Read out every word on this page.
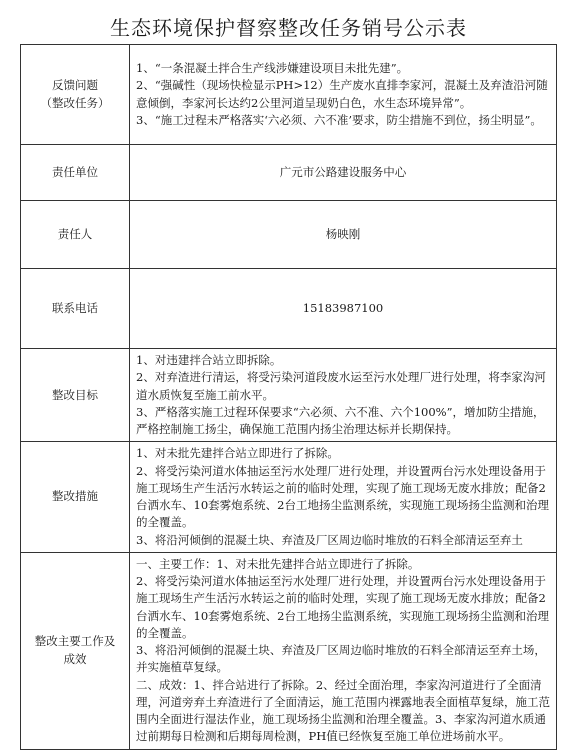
生态环境保护督察整改任务销号公示表
反馈问题
（整改任务）	1、“一条混凝土拌合生产线涉嫌建设项目未批先建”。
2、“强碱性（现场快检显示PH>12）生产废水直排李家河，混凝土及弃渣沿河随意倾倒，李家河长达约2公里河道呈现奶白色，水生态环境异常”。
3、“施工过程未严格落实‘六必须、六不准’要求，防尘措施不到位，扬尘明显”。

责任单位	广元市公路建设服务中心
责任人	杨映刚
联系电话	15183987100
整改目标	1、对违建拌合站立即拆除。
2、对弃渣进行清运，将受污染河道段废水运至污水处理厂进行处理，将李家沟河道水质恢复至施工前水平。
3、严格落实施工过程环保要求“六必须、六不准、六个100%”，增加防尘措施，严格控制施工扬尘，确保施工范围内扬尘治理达标并长期保持。

整改措施	1、对未批先建拌合站立即进行了拆除。
2、将受污染河道水体抽运至污水处理厂进行处理，并设置两台污水处理设备用于施工现场生产生活污水转运之前的临时处理，实现了施工现场无废水排放；配备2台洒水车、10套雾炮系统、2台工地扬尘监测系统，实现施工现场扬尘监测和治理的全覆盖。
3、将沿河倾倒的混凝土块、弃渣及厂区周边临时堆放的石料全部清运至弃土

整改主要工作及
成效	一、主要工作：1、对未批先建拌合站立即进行了拆除。
2、将受污染河道水体抽运至污水处理厂进行处理，并设置两台污水处理设备用于施工现场生产生活污水转运之前的临时处理，实现了施工现场无废水排放；配备2台洒水车、10套雾炮系统、2台工地扬尘监测系统，实现施工现场扬尘监测和治理的全覆盖。
3、将沿河倾倒的混凝土块、弃渣及厂区周边临时堆放的石料全部清运至弃土场，并实施植草复绿。
二、成效：1、拌合站进行了拆除。2、经过全面治理，李家沟河道进行了全面清理，河道旁弃土弃渣进行了全面清运，施工范围内裸露地表全面植草复绿，施工范围内全面进行湿法作业，施工现场扬尘监测和治理全覆盖。3、李家沟河道水质通过前期每日检测和后期每周检测，PH值已经恢复至施工单位进场前水平。
